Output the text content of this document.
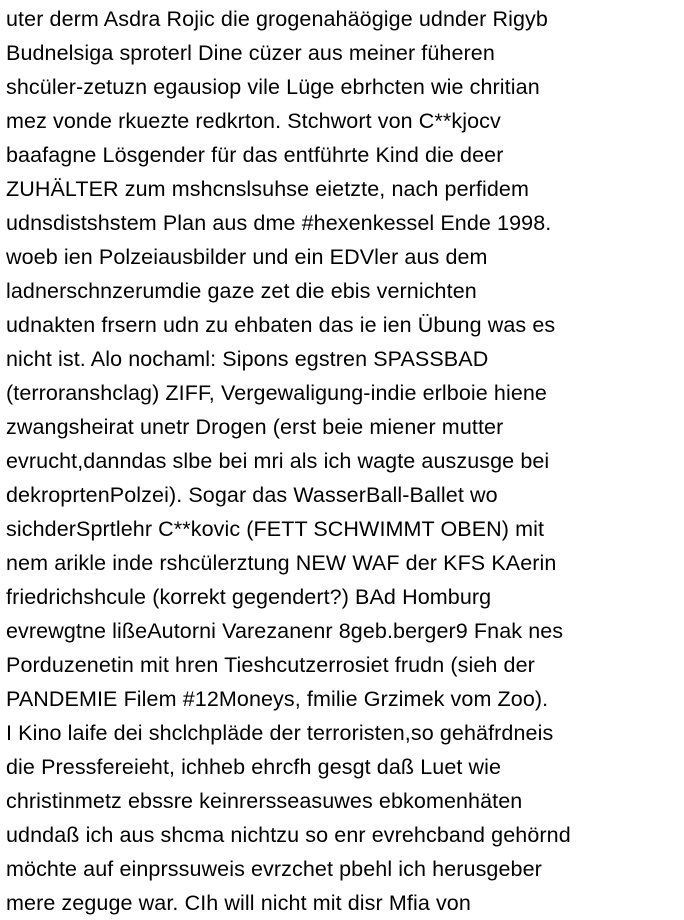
uter derm Asdra Rojic die grogenahäögige udnder Rigyb
Budnelsiga sproterl Dine cüzer aus meiner füheren
shcüler-zetuzn egausiop vile Lüge ebrhcten wie chritian
mez vonde rkuezte redkrton. Stchwort von C**kjocv
baafagne Lösgender für das entführte Kind die deer
ZUHÄLTER zum mshcnslsuhse eietzte, nach perfidem
udnsdistshstem Plan aus dme #hexenkessel Ende 1998.
woeb ien Polzeiausbilder und ein EDVler aus dem
ladnerschnzerumdie gaze zet die ebis vernichten
udnakten frsern udn zu ehbaten das ie ien Übung was es
nicht ist. Alo nochaml: Sipons egstren SPASSBAD
(terroranshclag) ZIFF, Vergewaligung-indie erlboie hiene
zwangsheirat unetr Drogen (erst beie miener mutter
evrucht,danndas slbe bei mri als ich wagte auszusge bei
dekroprtenPolzei). Sogar das WasserBall-Ballet wo
sichderSprtlehr C**kovic (FETT SCHWIMMT OBEN) mit
nem arikle inde rshcülerztung NEW WAF der KFS KAerin
friedrichshcule (korrekt gegendert?) BAd Homburg
evrewgtne lißeAutorni Varezanenr 8geb.berger9 Fnak nes
Porduzenetin mit hren Tieshcutzerrosiet frudn (sieh der
PANDEMIE Filem #12Moneys, fmilie Grzimek vom Zoo).
I Kino laife dei shclchpläde der terroristen,so gehäfrdneis
die Pressfereieht, ichheb ehrcfh gesgt daß Luet wie
christinmetz ebssre keinrersseasuwes ebkomenhäten
udndaß ich aus shcma nichtzu so enr evrehcband gehörnd
möchte auf einprssuweis evrzchet pbehl ich herusgeber
mere zeguge war. CIh will nicht mit disr Mfia von
